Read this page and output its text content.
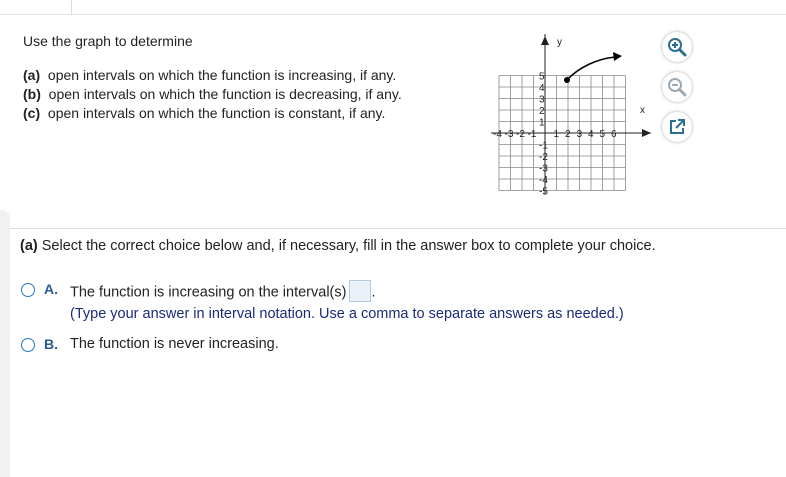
Use the graph to determine
(a) open intervals on which the function is increasing, if any.
(b) open intervals on which the function is decreasing, if any.
(c) open intervals on which the function is constant, if any.	x
y
-4 -3 -2 -1 1 2 3 4 5 6
5
4
3
2
1
-1
-2
-3
-4
-5
(a) Select the correct choice below and, if necessary, fill in the answer box to complete your choice.
A. The function is increasing on the interval(s) .
(Type your answer in interval notation. Use a comma to separate answers as needed.)
B. The function is never increasing.
